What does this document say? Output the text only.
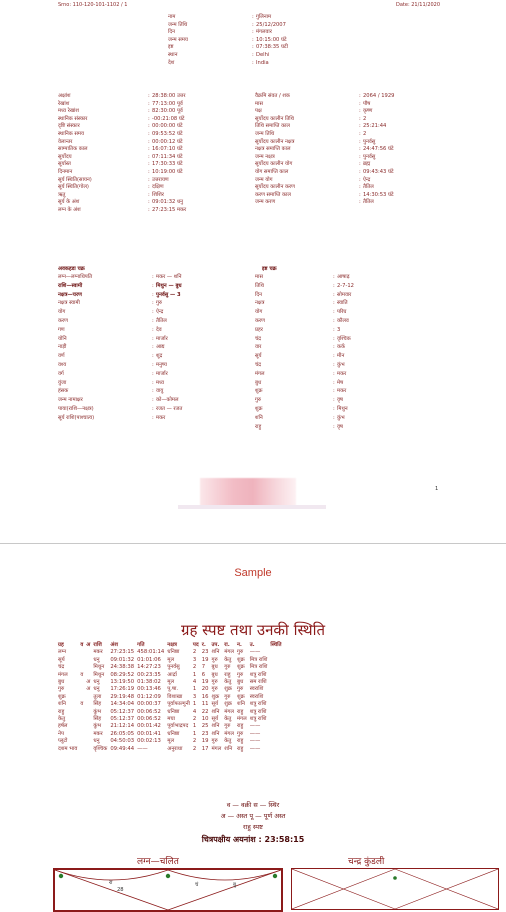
Srno: 110-120-101-1102 / 1	Date: 21/11/2020
नाम	: गुलिनाम
जन्म तिथि	: 25/12/2007
दिन	: मंगलवार
जन्म समय	: 10:15:00 घंटे
इष्ट	: 07:38:35 घटी
स्थान	: Delhi
देश	: India
अक्षांश	: 28:38:00 उत्तर
रेखांश	: 77:13:00 पूर्व
मध्य रेखांश	: 82:30:00 पूर्व
स्थानिक संस्कार	: -00:21:08 घंटे
दृष्टि संस्कार	: 00:00:00 घंटे
स्थानिक समय	: 09:53:52 घंटे
वेलान्तर	: 00:00:12 घंटे
साम्पातिक काल	: 16:07:10 घंटे
सूर्योदय	: 07:11:34 घंटे
सूर्यास्त	: 17:30:33 घंटे
दिनमान	: 10:19:00 घंटे
सूर्य स्थिति(सायन)	: उत्तरायण
सूर्य स्थिति(गोल)	: दक्षिण
ऋतु	: शिशिर
सूर्य के अंश	: 09:01:32 धनु
लग्न के अंश	: 27:23:15 मकर
वैक्रमि संवत / शक	: 2064 / 1929
मास	: पौष
पक्ष	: कृष्ण
सूर्योदय कालीन तिथि	: 2
तिथि समाप्ति काल	: 25:21:44
जन्म तिथि	: 2
सूर्योदय कालीन नक्षत्र	: पुनर्वसु
नक्षत्र समाप्ति काल	: 24:47:56 घंटे
जन्म नक्षत्र	: पुनर्वसु
सूर्योदय कालीन योग	: ब्रह्म
योग समाप्ति काल	: 09:43:43 घंटे
जन्म योग	: ऐन्द्र
सूर्योदय कालीन करण	: तैतिल
करण समाप्ति काल	: 14:30:53 घंटे
जन्म करण	: तैतिल
अवकहडा चक्र
लग्न—लग्नाधिपति	: मकर — शनि
राशि—स्वामी	: मिथुन — बुध
नक्षत्र—चरण	: पुनर्वसु — 3
नक्षत्र स्वामी	: गुरु
योग	: ऐन्द्र
करण	: तैतिल
गण	: देव
योनि	: मार्जार
नाड़ी	: आद्य
वर्ण	: शूद्र
वश्य	: मनुष्य
वर्ग	: मार्जार
युंजा	: मध्य
हंसक	: वायु
जन्म नामाक्षर	: को—कोमल
पाया(राशि—नक्षत्र)	: रजत — रजत
सूर्य राशि(पाश्चात्य)	: मकर
इष्ट चक्र
मास	: आषाढ़
तिथि	: 2-7-12
दिन	: सोमवार
नक्षत्र	: स्वाति
योग	: परिघ
करण	: कौलव
प्रहर	: 3
चंद्र	: वृश्चिक
वार	: कर्क
सूर्य	: मीन
चंद्र	: कुंभ
मंगल	: मकर
बुध	: मेष
शुक्र	: मकर
गुरु	: वृष
शुक्र	: मिथुन
शनि	: कुंभ
राहु	: वृष
1
Sample
ग्रह स्पष्ट तथा उनकी स्थिति
ग्रह	व	अ	राशि	अंश	गति	नक्षत्र	पद	र.	उप.	रा.	न.	उ.	स्थिति
लग्न			मकर	27:23:15	458:01:14	धनिष्ठा	2	23	शनि	मंगल	गुरु	——	
सूर्य			धनु	09:01:32	01:01:06	मूल	3	19	गुरु	केतु	शुक्र	मित्र राशि	
चंद्र			मिथुन	24:38:38	14:27:23	पुनर्वसु	2	7	बुध	गुरु	शुक्र	मित्र राशि	
मंगल	व		मिथुन	08:29:52	00:23:35	आर्द्रा	1	6	बुध	राहु	गुरु	शत्रु राशि	
बुध		अ	धनु	13:19:50	01:38:02	मूल	4	19	गुरु	केतु	बुध	सम राशि	
गुरु		अ	धनु	17:26:19	00:13:46	पू.षा.	1	20	गुरु	शुक्र	गुरु	स्वराशि	
शुक्र			तुला	29:19:48	01:12:09	विशाखा	3	16	शुक्र	गुरु	शुक्र	स्वराशि	
शनि	व		सिंह	14:34:04	00:00:37	पूर्वाफाल्गुनी	1	11	सूर्य	शुक्र	शनि	शत्रु राशि	
राहु			कुंभ	05:12:37	00:06:52	धनिष्ठा	4	22	शनि	मंगल	राहु	शत्रु राशि	
केतु			सिंह	05:12:37	00:06:52	मघा	2	10	सूर्य	केतु	मंगल	शत्रु राशि	
हर्षल			कुंभ	21:12:14	00:01:42	पूर्वाभाद्रपद	1	25	शनि	गुरु	राहु	——	
नेप			मकर	26:05:05	00:01:41	धनिष्ठा	1	23	शनि	मंगल	गुरु	——	
प्लूटो			धनु	04:50:03	00:02:13	मूल	2	19	गुरु	केतु	राहु	——	
दशम भाव			वृश्चिक	09:49:44	——	अनुराधा	2	17	मंगल	शनि	राहु	——	
व — वक्री स — स्थिर
अ — अस्त पू — पूर्ण अस्त
राहु स्पष्ट
चित्रपक्षीय अयनांश : 23:58:15
लग्न—चलित	चन्द्र कुंडली
रा
28
चं	बु
